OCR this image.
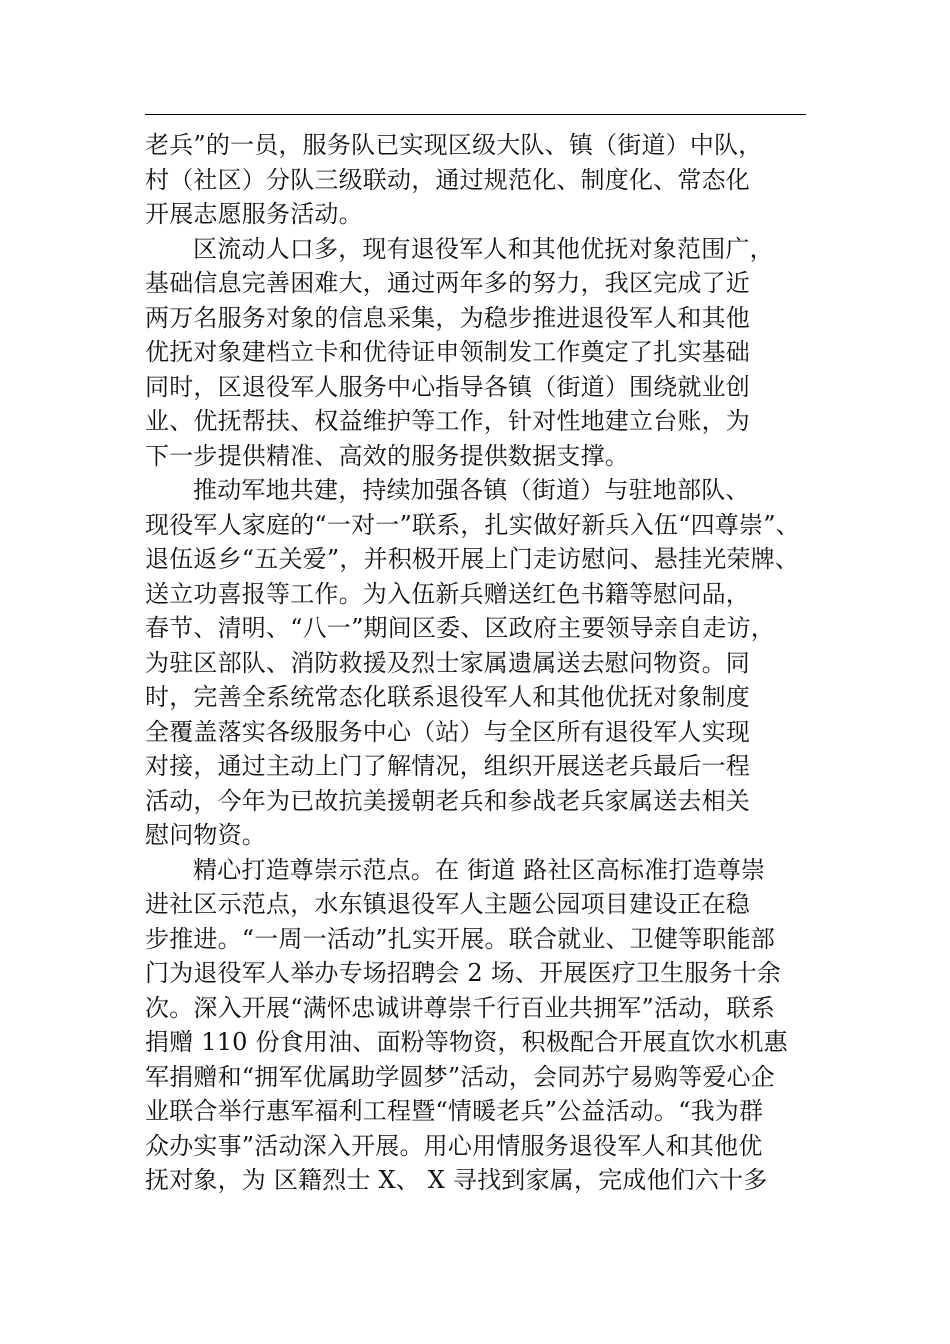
老兵”的一员，服务队已实现区级大队、镇（街道）中队，
村（社区）分队三级联动，通过规范化、制度化、常态化
开展志愿服务活动。
区流动人口多，现有退役军人和其他优抚对象范围广，
基础信息完善困难大，通过两年多的努力，我区完成了近
两万名服务对象的信息采集，为稳步推进退役军人和其他
优抚对象建档立卡和优待证申领制发工作奠定了扎实基础
同时，区退役军人服务中心指导各镇（街道）围绕就业创
业、优抚帮扶、权益维护等工作，针对性地建立台账，为
下一步提供精准、高效的服务提供数据支撑。
推动军地共建，持续加强各镇（街道）与驻地部队、
现役军人家庭的“一对一”联系，扎实做好新兵入伍“四尊崇”、
退伍返乡“五关爱”，并积极开展上门走访慰问、悬挂光荣牌、
送立功喜报等工作。为入伍新兵赠送红色书籍等慰问品，
春节、清明、“八一”期间区委、区政府主要领导亲自走访，
为驻区部队、消防救援及烈士家属遗属送去慰问物资。同
时，完善全系统常态化联系退役军人和其他优抚对象制度
全覆盖落实各级服务中心（站）与全区所有退役军人实现
对接，通过主动上门了解情况，组织开展送老兵最后一程
活动，今年为已故抗美援朝老兵和参战老兵家属送去相关
慰问物资。
精心打造尊崇示范点。在 街道 路社区高标准打造尊崇
进社区示范点，水东镇退役军人主题公园项目建设正在稳
步推进。“一周一活动”扎实开展。联合就业、卫健等职能部
门为退役军人举办专场招聘会 2 场、开展医疗卫生服务十余
次。深入开展“满怀忠诚讲尊崇千行百业共拥军”活动，联系
捐赠 110 份食用油、面粉等物资，积极配合开展直饮水机惠
军捐赠和“拥军优属助学圆梦”活动，会同苏宁易购等爱心企
业联合举行惠军福利工程暨“情暖老兵”公益活动。“我为群
众办实事”活动深入开展。用心用情服务退役军人和其他优
抚对象，为 区籍烈士 X、 X 寻找到家属，完成他们六十多
